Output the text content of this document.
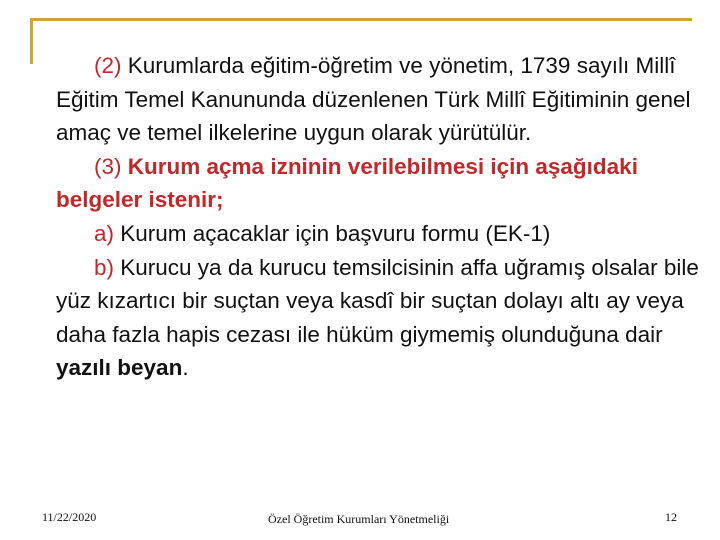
(2) Kurumlarda eğitim-öğretim ve yönetim, 1739 sayılı Millî Eğitim Temel Kanununda düzenlenen Türk Millî Eğitiminin genel amaç ve temel ilkelerine uygun olarak yürütülür.

(3) Kurum açma izninin verilebilmesi için aşağıdaki belgeler istenir;

a) Kurum açacaklar için başvuru formu (EK-1)

b) Kurucu ya da kurucu temsilcisinin affa uğramış olsalar bile yüz kızartıcı bir suçtan veya kasdî bir suçtan dolayı altı ay veya daha fazla hapis cezası ile hüküm giymemiş olunduğuna dair yazılı beyan.

11/22/2020	Özel Öğretim Kurumları Yönetmeliği	12
